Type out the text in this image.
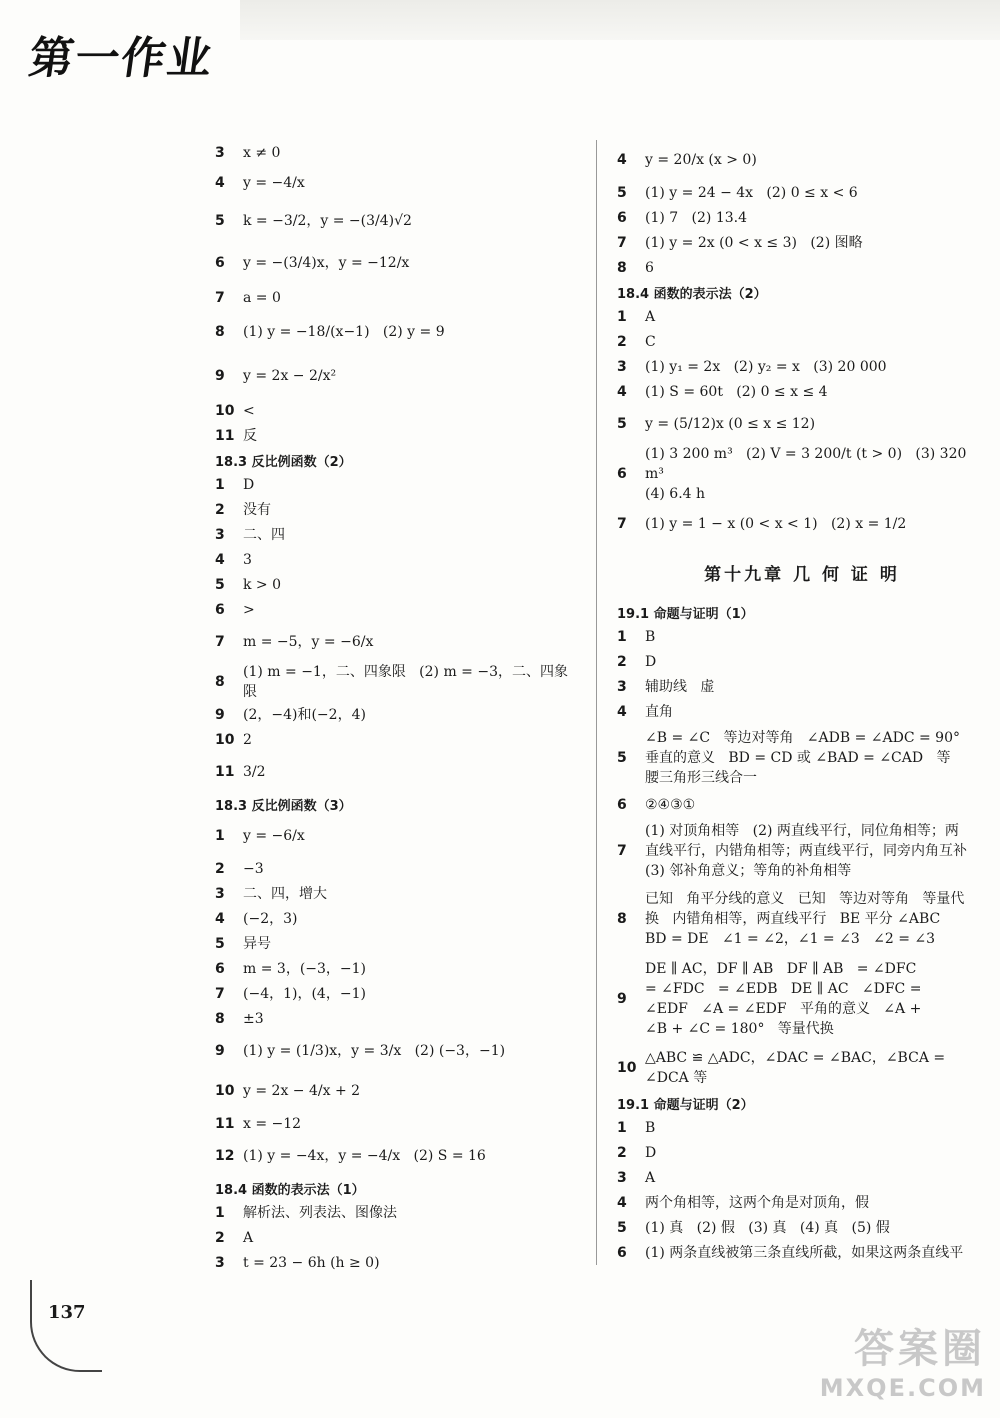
第一作业
3	x ≠ 0
4	y = −4/x
5	k = −3/2，y = −(3/4)√2
6	y = −(3/4)x，y = −12/x
7	a = 0
8	(1) y = −18/(x−1)   (2) y = 9
9	y = 2x − 2/x²
10 <
11 反
18.3 反比例函数（2）
1	D
2	没有
3	二、四
4	3
5	k > 0
6	>
7	m = −5，y = −6/x
8
(1) m = −1，二、四象限   (2) m = −3，二、四象限
9	(2，−4)和(−2，4)
10 2
11 3/2
18.3 反比例函数（3）
1	y = −6/x
2	−3
3	二、四，增大
4	(−2，3)
5	异号
6	m = 3，(−3，−1)
7	(−4，1)，(4，−1)
8	±3
9	(1) y = (1/3)x，y = 3/x   (2) (−3，−1)
10 y = 2x − 4/x + 2
11 x = −12
12 (1) y = −4x，y = −4/x   (2) S = 16
18.4 函数的表示法（1）
1	解析法、列表法、图像法
2	A
3	t = 23 − 6h (h ≥ 0)
4	y = 20/x (x > 0)
5	(1) y = 24 − 4x   (2) 0 ≤ x < 6
6	(1) 7   (2) 13.4
7	(1) y = 2x (0 < x ≤ 3)   (2) 图略
8	6
18.4 函数的表示法（2）
1	A
2	C
3	(1) y₁ = 2x   (2) y₂ = x   (3) 20 000
4	(1) S = 60t   (2) 0 ≤ x ≤ 4
5	y = (5/12)x (0 ≤ x ≤ 12)
6
(1) 3 200 m³   (2) V = 3 200/t (t > 0)   (3) 320 m³
(4) 6.4 h
7	(1) y = 1 − x (0 < x < 1)   (2) x = 1/2
第十九章 几 何 证 明
19.1 命题与证明（1）
1	B
2	D
3	辅助线   虚
4	直角
5
∠B = ∠C   等边对等角   ∠ADB = ∠ADC = 90°
垂直的意义   BD = CD 或 ∠BAD = ∠CAD   等
腰三角形三线合一
6	②④③①
7
(1) 对顶角相等   (2) 两直线平行，同位角相等；两
直线平行，内错角相等；两直线平行，同旁内角互补
(3) 邻补角意义；等角的补角相等
8
已知   角平分线的意义   已知   等边对等角   等量代
换   内错角相等，两直线平行   BE 平分 ∠ABC
BD = DE   ∠1 = ∠2，∠1 = ∠3   ∠2 = ∠3
9
DE ∥ AC，DF ∥ AB   DF ∥ AB   = ∠DFC
= ∠FDC   = ∠EDB   DE ∥ AC   ∠DFC =
∠EDF   ∠A = ∠EDF   平角的意义   ∠A +
∠B + ∠C = 180°   等量代换
10
△ABC ≌ △ADC，∠DAC = ∠BAC，∠BCA =
∠DCA 等
19.1 命题与证明（2）
1	B
2	D
3	A
4	两个角相等，这两个角是对顶角，假
5	(1) 真   (2) 假   (3) 真   (4) 真   (5) 假
6	(1) 两条直线被第三条直线所截，如果这两条直线平
137
答案圈
MXQE.COM
